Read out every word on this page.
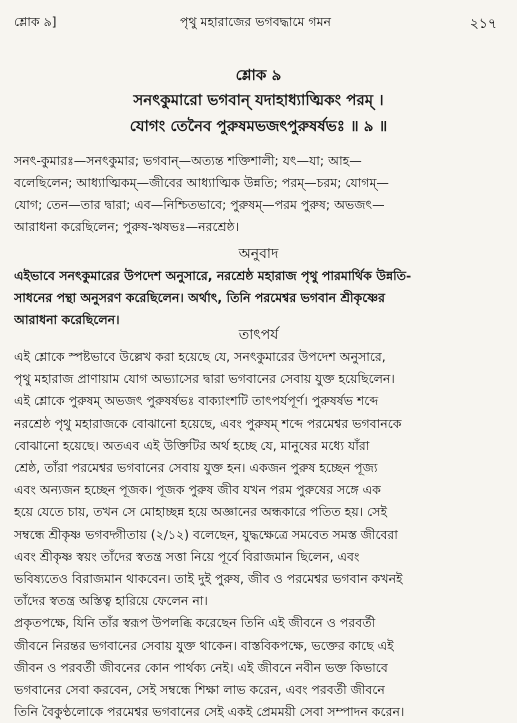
শ্লোক ৯]	পৃথু মহারাজের ভগবদ্ধামে গমন	২১৭
শ্লোক ৯
সনৎকুমারো ভগবান্ যদাহাধ্যাত্মিকং পরম্ ।
যোগং তেনৈব পুরুষমভজৎপুরুষর্ষভঃ ॥ ৯ ॥
সনৎ-কুমারঃ—সনৎকুমার; ভগবান্—অত্যন্ত শক্তিশালী; যৎ—যা; আহ—
বলেছিলেন; আধ্যাত্মিকম্—জীবের আধ্যাত্মিক উন্নতি; পরম্—চরম; যোগম্—
যোগ; তেন—তার দ্বারা; এব—নিশ্চিতভাবে; পুরুষম্—পরম পুরুষ; অভজৎ—
আরাধনা করেছিলেন; পুরুষ-ঋষভঃ—নরশ্রেষ্ঠ।
অনুবাদ
এইভাবে সনৎকুমারের উপদেশ অনুসারে, নরশ্রেষ্ঠ মহারাজ পৃথু পারমার্থিক উন্নতি-
সাধনের পন্থা অনুসরণ করেছিলেন। অর্থাৎ, তিনি পরমেশ্বর ভগবান শ্রীকৃষ্ণের
আরাধনা করেছিলেন।
তাৎপর্য
এই শ্লোকে স্পষ্টভাবে উল্লেখ করা হয়েছে যে, সনৎকুমারের উপদেশ অনুসারে,
পৃথু মহারাজ প্রাণায়াম যোগ অভ্যাসের দ্বারা ভগবানের সেবায় যুক্ত হয়েছিলেন।
এই শ্লোকে পুরুষম্ অভজৎ পুরুষর্ষভঃ বাক্যাংশটি তাৎপর্যপূর্ণ। পুরুষর্ষভ শব্দে
নরশ্রেষ্ঠ পৃথু মহারাজকে বোঝানো হয়েছে, এবং পুরুষম্ শব্দে পরমেশ্বর ভগবানকে
বোঝানো হয়েছে। অতএব এই উক্তিটির অর্থ হচ্ছে যে, মানুষের মধ্যে যাঁরা
শ্রেষ্ঠ, তাঁরা পরমেশ্বর ভগবানের সেবায় যুক্ত হন। একজন পুরুষ হচ্ছেন পূজ্য
এবং অন্যজন হচ্ছেন পূজক। পূজক পুরুষ জীব যখন পরম পুরুষের সঙ্গে এক
হয়ে যেতে চায়, তখন সে মোহাচ্ছন্ন হয়ে অজ্ঞানের অন্ধকারে পতিত হয়। সেই
সম্বন্ধে শ্রীকৃষ্ণ ভগবদ্গীতায় (২/১২) বলেছেন, যুদ্ধক্ষেত্রে সমবেত সমস্ত জীবেরা
এবং শ্রীকৃষ্ণ স্বয়ং তাঁদের স্বতন্ত্র সত্তা নিয়ে পূর্বে বিরাজমান ছিলেন, এবং
ভবিষ্যতেও বিরাজমান থাকবেন। তাই দুই পুরুষ, জীব ও পরমেশ্বর ভগবান কখনই
তাঁদের স্বতন্ত্র অস্তিত্ব হারিয়ে ফেলেন না।
প্রকৃতপক্ষে, যিনি তাঁর স্বরূপ উপলব্ধি করেছেন তিনি এই জীবনে ও পরবর্তী
জীবনে নিরন্তর ভগবানের সেবায় যুক্ত থাকেন। বাস্তবিকপক্ষে, ভক্তের কাছে এই
জীবন ও পরবর্তী জীবনের কোন পার্থক্য নেই। এই জীবনে নবীন ভক্ত কিভাবে
ভগবানের সেবা করবেন, সেই সম্বন্ধে শিক্ষা লাভ করেন, এবং পরবর্তী জীবনে
তিনি বৈকুণ্ঠলোকে পরমেশ্বর ভগবানের সেই একই প্রেমময়ী সেবা সম্পাদন করেন।
